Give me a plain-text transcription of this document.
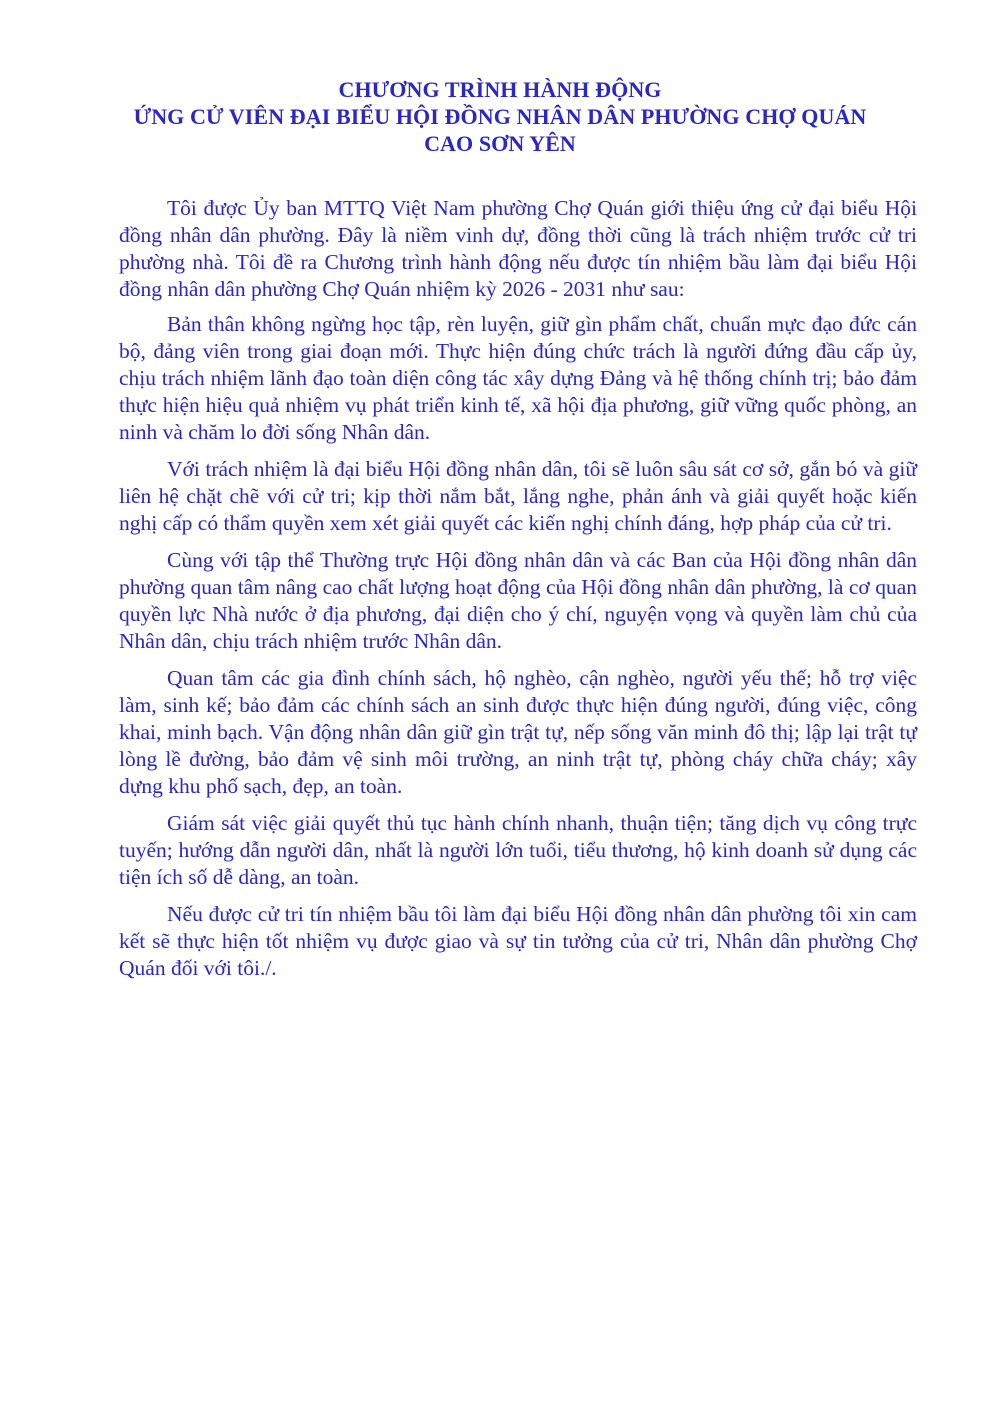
CHƯƠNG TRÌNH HÀNH ĐỘNG
ỨNG CỬ VIÊN ĐẠI BIỂU HỘI ĐỒNG NHÂN DÂN PHƯỜNG CHỢ QUÁN
CAO SƠN YÊN

Tôi được Ủy ban MTTQ Việt Nam phường Chợ Quán giới thiệu ứng cử đại biểu Hội đồng nhân dân phường. Đây là niềm vinh dự, đồng thời cũng là trách nhiệm trước cử tri phường nhà. Tôi đề ra Chương trình hành động nếu được tín nhiệm bầu làm đại biểu Hội đồng nhân dân phường Chợ Quán nhiệm kỳ 2026 - 2031 như sau:

Bản thân không ngừng học tập, rèn luyện, giữ gìn phẩm chất, chuẩn mực đạo đức cán bộ, đảng viên trong giai đoạn mới. Thực hiện đúng chức trách là người đứng đầu cấp ủy, chịu trách nhiệm lãnh đạo toàn diện công tác xây dựng Đảng và hệ thống chính trị; bảo đảm thực hiện hiệu quả nhiệm vụ phát triển kinh tế, xã hội địa phương, giữ vững quốc phòng, an ninh và chăm lo đời sống Nhân dân.

Với trách nhiệm là đại biểu Hội đồng nhân dân, tôi sẽ luôn sâu sát cơ sở, gắn bó và giữ liên hệ chặt chẽ với cử tri; kịp thời nắm bắt, lắng nghe, phản ánh và giải quyết hoặc kiến nghị cấp có thẩm quyền xem xét giải quyết các kiến nghị chính đáng, hợp pháp của cử tri.

Cùng với tập thể Thường trực Hội đồng nhân dân và các Ban của Hội đồng nhân dân phường quan tâm nâng cao chất lượng hoạt động của Hội đồng nhân dân phường, là cơ quan quyền lực Nhà nước ở địa phương, đại diện cho ý chí, nguyện vọng và quyền làm chủ của Nhân dân, chịu trách nhiệm trước Nhân dân.

Quan tâm các gia đình chính sách, hộ nghèo, cận nghèo, người yếu thế; hỗ trợ việc làm, sinh kế; bảo đảm các chính sách an sinh được thực hiện đúng người, đúng việc, công khai, minh bạch. Vận động nhân dân giữ gìn trật tự, nếp sống văn minh đô thị; lập lại trật tự lòng lề đường, bảo đảm vệ sinh môi trường, an ninh trật tự, phòng cháy chữa cháy; xây dựng khu phố sạch, đẹp, an toàn.

Giám sát việc giải quyết thủ tục hành chính nhanh, thuận tiện; tăng dịch vụ công trực tuyến; hướng dẫn người dân, nhất là người lớn tuổi, tiểu thương, hộ kinh doanh sử dụng các tiện ích số dễ dàng, an toàn.

Nếu được cử tri tín nhiệm bầu tôi làm đại biểu Hội đồng nhân dân phường tôi xin cam kết sẽ thực hiện tốt nhiệm vụ được giao và sự tin tưởng của cử tri, Nhân dân phường Chợ Quán đối với tôi./.
